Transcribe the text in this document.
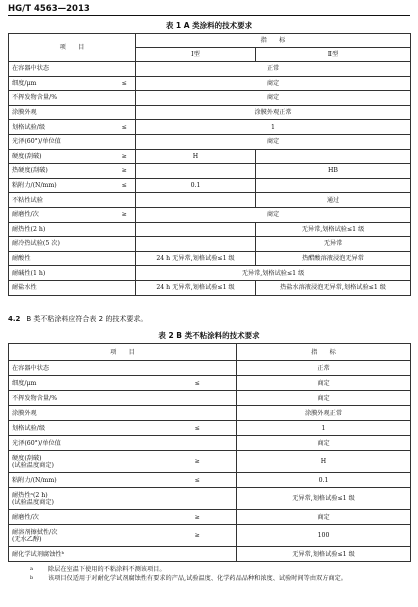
HG/T 4563—2013
表 1 A 类涂料的技术要求
项　　目		指　　标	
		Ⅰ型	Ⅱ型
在容器中状态		正常	
细度/μm	≤	商定	
不挥发物含量/%		商定	
涂膜外观		涂膜外观正常	
划格试验/级	≤	1	
光泽(60°)/单位值		商定	
硬度(刮破)	≥	H	
热硬度(刮破)	≥		HB
粘附力/(N/mm)	≤	0.1	
不粘性试验			通过
耐磨性/次	≥	商定	
耐热性(2 h)			无异常,划格试验≤1 级
耐冷热试验(5 次)			无异常
耐酸性		24 h 无异常,划格试验≤1 级	热醋酸溶液浸泡无异常
耐碱性(1 h)		无异常,划格试验≤1 级	
耐盐水性		24 h 无异常,划格试验≤1 级	热盐水溶液浸泡无异常,划格试验≤1 级
4.2 B 类不粘涂料应符合表 2 的技术要求。
表 2 B 类不粘涂料的技术要求
项　　目		指　　标

在容器中状态		正常

细度/μm	≤	商定

不挥发物含量/%		商定

涂膜外观		涂膜外观正常

划格试验/级	≤	1

光泽(60°)/单位值		商定

硬度(刮破)
(试验温度商定)	≥	H

粘附力/(N/mm)	≤	0.1

耐热性ᵃ(2 h)
(试验温度商定)		无异常,划格试验≤1 级

耐磨性/次	≥	商定

耐溶剂擦拭性/次
(无水乙醇)	≥	100

耐化学试剂腐蚀性ᵇ		无异常,划格试验≤1 级
a 除层在室温下使用的不粘涂料不测该项目。
b 该项目仅适用于对耐化学试剂腐蚀性有要求的产品,试验温度、化学药品品种和浓度、试验时间等由双方商定。
